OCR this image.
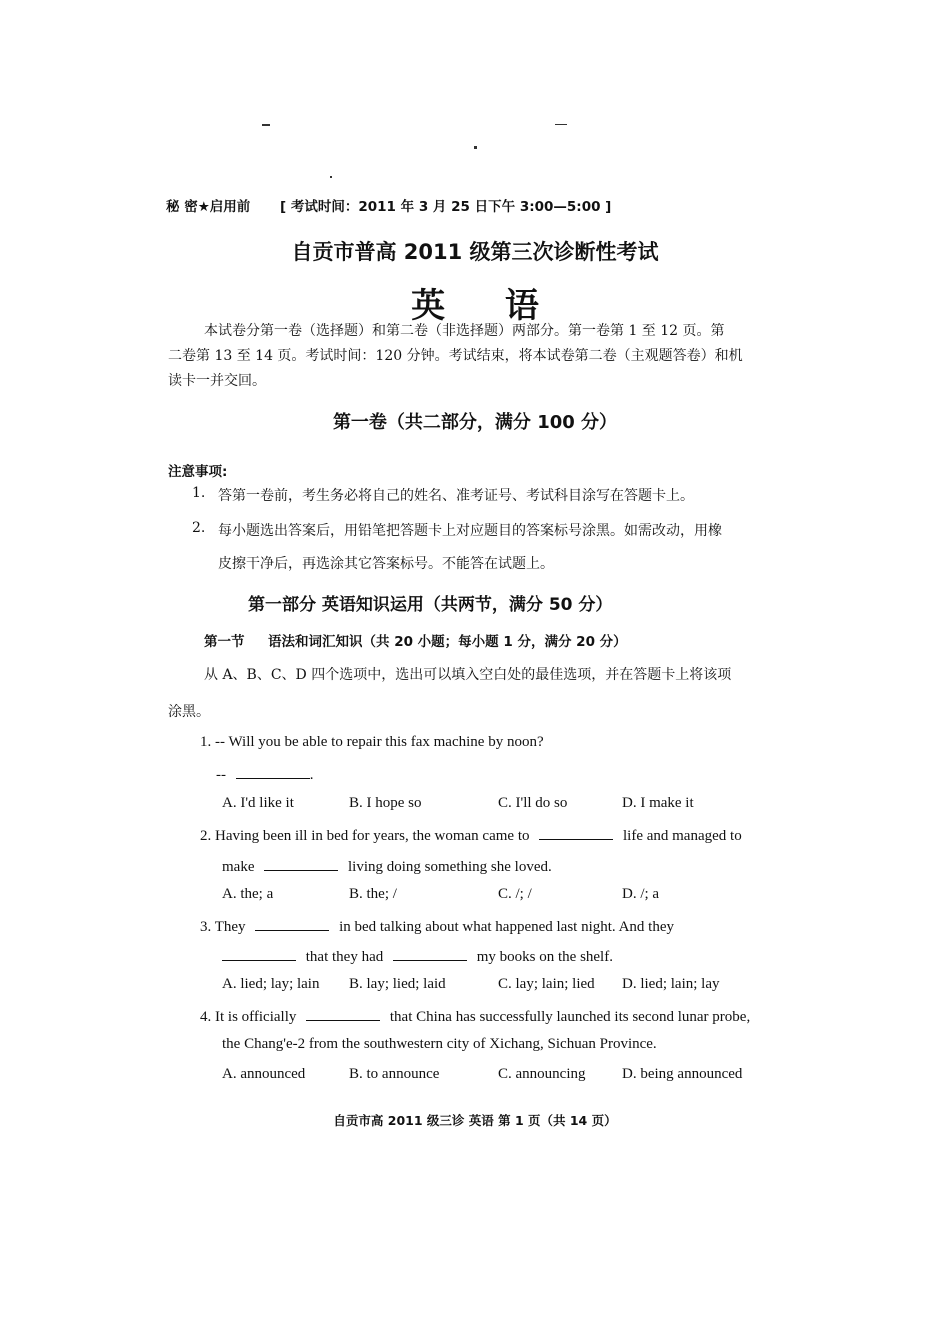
秘 密★启用前 [ 考试时间：2011 年 3 月 25 日下午 3:00—5:00 ]
自贡市普高 2011 级第三次诊断性考试
英 语
本试卷分第一卷（选择题）和第二卷（非选择题）两部分。第一卷第 1 至 12 页。第
二卷第 13 至 14 页。考试时间：120 分钟。考试结束，将本试卷第二卷（主观题答卷）和机
读卡一并交回。
第一卷（共二部分，满分 100 分）
注意事项:
1. 答第一卷前，考生务必将自己的姓名、准考证号、考试科目涂写在答题卡上。
2. 每小题选出答案后，用铅笔把答题卡上对应题目的答案标号涂黑。如需改动，用橡
皮擦干净后，再选涂其它答案标号。不能答在试题上。
第一部分 英语知识运用（共两节，满分 50 分）
第一节 语法和词汇知识（共 20 小题；每小题 1 分，满分 20 分）
从 A、B、C、D 四个选项中，选出可以填入空白处的最佳选项，并在答题卡上将该项
涂黑。
1. -- Will you be able to repair this fax machine by noon?
--	.
A. I'd like it	B. I hope so	C. I'll do so	D. I make it
2. Having been ill in bed for years, the woman came to	life and managed to
make	living doing something she loved.
A. the; a	B. the; /	C. /; /	D. /; a
3. They	in bed talking about what happened last night. And they
that they had	my books on the shelf.
A. lied; lay; lain B. lay; lied; laid	C. lay; lain; lied D. lied; lain; lay
4. It is officially	that China has successfully launched its second lunar probe,
the Chang'e-2 from the southwestern city of Xichang, Sichuan Province.
A. announced	B. to announce	C. announcing D. being announced
自贡市高 2011 级三诊 英语 第 1 页（共 14 页）
